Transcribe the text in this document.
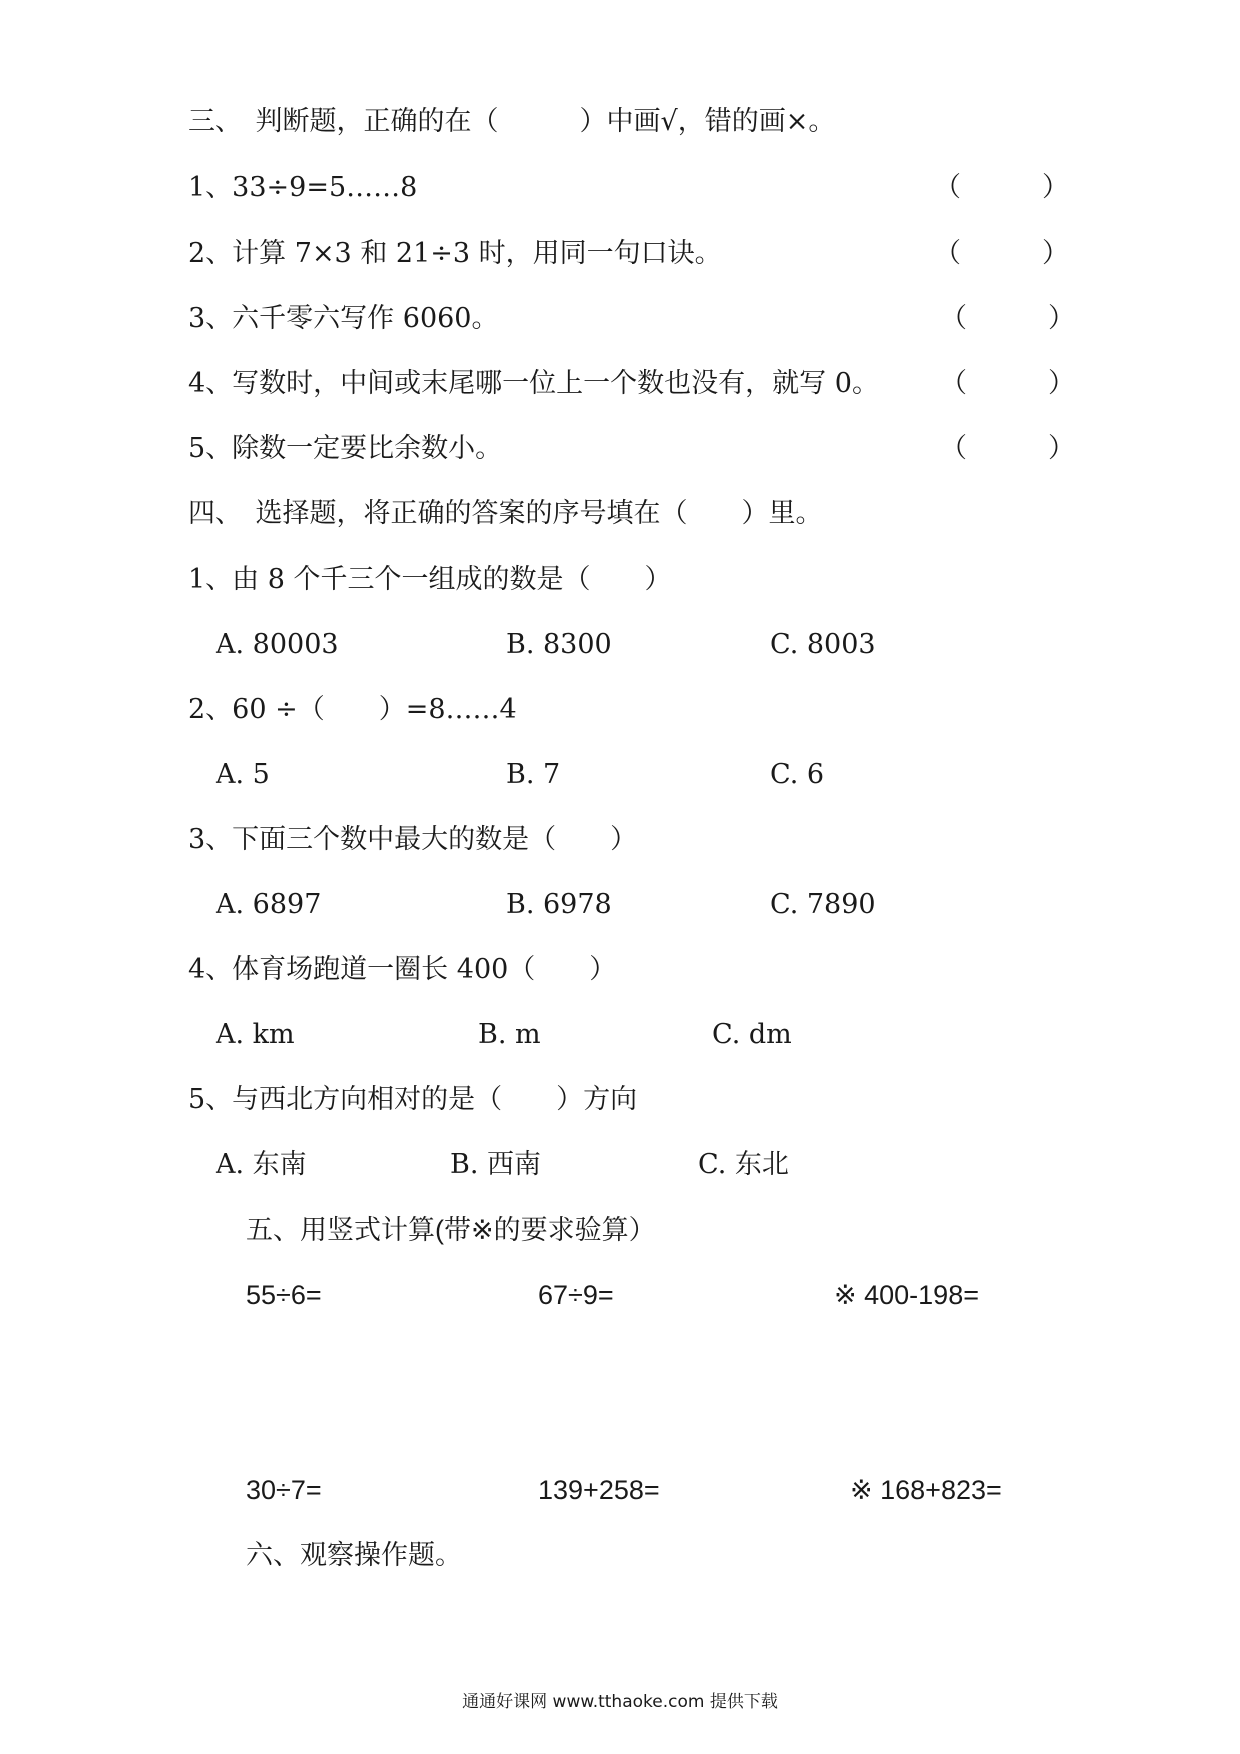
三、　判断题，正确的在（　　　）中画√，错的画×。
1、33÷9=5……8	（　　　）
2、计算 7×3 和 21÷3 时，用同一句口诀。	（　　　）
3、六千零六写作 6060。	（　　　）
4、写数时，中间或末尾哪一位上一个数也没有，就写 0。 （　　　）
5、除数一定要比余数小。	（　　　）
四、　选择题，将正确的答案的序号填在（　　）里。
1、由 8 个千三个一组成的数是（　　）
A. 80003	B. 8300	C. 8003
2、60 ÷（　　）=8……4
A. 5	B. 7	C. 6
3、下面三个数中最大的数是（　　）
A. 6897	B. 6978	C. 7890
4、体育场跑道一圈长 400（　　）
A. km	B. m	C. dm
5、与西北方向相对的是（　　）方向
A. 东南	B. 西南	C. 东北
五、用竖式计算(带※的要求验算）
55÷6=	67÷9=	※ 400-198=
30÷7=	139+258=	※ 168+823=
六、观察操作题。
通通好课网 www.tthaoke.com 提供下载
